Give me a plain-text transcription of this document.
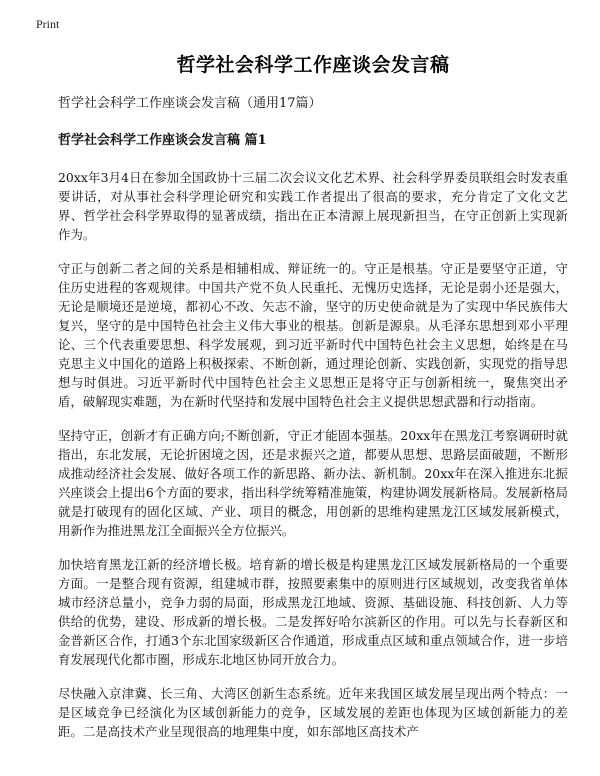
Print
哲学社会科学工作座谈会发言稿
哲学社会科学工作座谈会发言稿（通用17篇）
哲学社会科学工作座谈会发言稿 篇1

20xx年3月4日在参加全国政协十三届二次会议文化艺术界、社会科学界委员联组会时发表重要讲话，对从事社会科学理论研究和实践工作者提出了很高的要求，充分肯定了文化文艺界、哲学社会科学界取得的显著成绩，指出在正本清源上展现新担当，在守正创新上实现新作为。

守正与创新二者之间的关系是相辅相成、辩证统一的。守正是根基。守正是要坚守正道，守住历史进程的客观规律。中国共产党不负人民重托、无愧历史选择，无论是弱小还是强大，无论是顺境还是逆境，都初心不改、矢志不渝，坚守的历史使命就是为了实现中华民族伟大复兴，坚守的是中国特色社会主义伟大事业的根基。创新是源泉。从毛泽东思想到邓小平理论、三个代表重要思想、科学发展观，到习近平新时代中国特色社会主义思想，始终是在马克思主义中国化的道路上积极探索、不断创新，通过理论创新、实践创新，实现党的指导思想与时俱进。习近平新时代中国特色社会主义思想正是将守正与创新相统一，聚焦突出矛盾，破解现实难题，为在新时代坚持和发展中国特色社会主义提供思想武器和行动指南。

坚持守正，创新才有正确方向;不断创新，守正才能固本强基。20xx年在黑龙江考察调研时就指出，东北发展，无论折困境之因，还是求振兴之道，都要从思想、思路层面破题，不断形成推动经济社会发展、做好各项工作的新思路、新办法、新机制。20xx年在深入推进东北振兴座谈会上提出6个方面的要求，指出科学统筹精准施策，构建协调发展新格局。发展新格局就是打破现有的固化区域、产业、项目的概念，用创新的思维构建黑龙江区域发展新模式，用新作为推进黑龙江全面振兴全方位振兴。

加快培育黑龙江新的经济增长极。培育新的增长极是构建黑龙江区域发展新格局的一个重要方面。一是整合现有资源，组建城市群，按照要素集中的原则进行区域规划，改变我省单体城市经济总量小，竞争力弱的局面，形成黑龙江地域、资源、基础设施、科技创新、人力等供给的优势，建设、形成新的增长极。二是发挥好哈尔滨新区的作用。可以先与长春新区和金普新区合作，打通3个东北国家级新区合作通道，形成重点区域和重点领域合作，进一步培育发展现代化都市圈，形成东北地区协同开放合力。

尽快融入京津冀、长三角、大湾区创新生态系统。近年来我国区域发展呈现出两个特点：一是区域竞争已经演化为区域创新能力的竞争，区域发展的差距也体现为区域创新能力的差距。二是高技术产业呈现很高的地理集中度，如东部地区高技术产
